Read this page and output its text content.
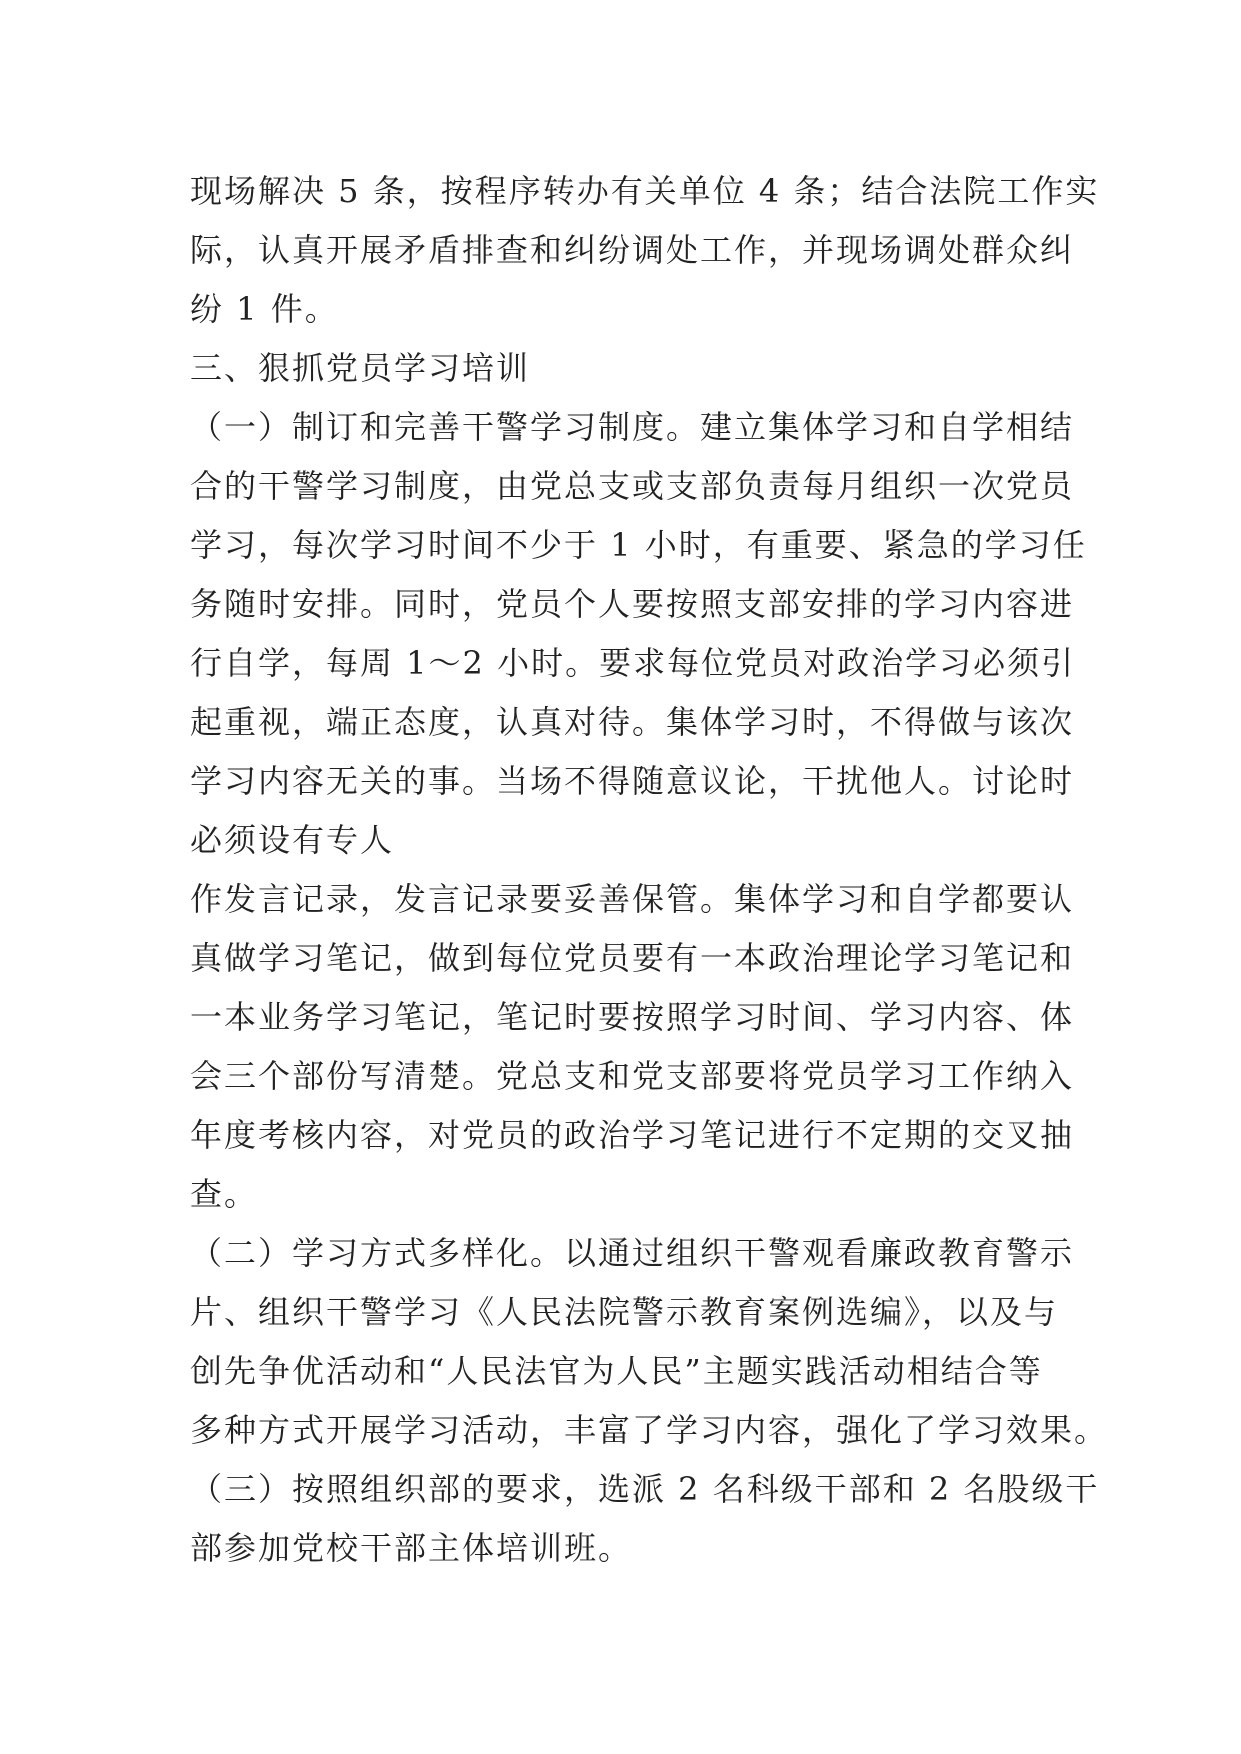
现场解决 5 条，按程序转办有关单位 4 条；结合法院工作实
际，认真开展矛盾排查和纠纷调处工作，并现场调处群众纠
纷 1 件。
三、狠抓党员学习培训
（一）制订和完善干警学习制度。建立集体学习和自学相结
合的干警学习制度，由党总支或支部负责每月组织一次党员
学习，每次学习时间不少于 1 小时，有重要、紧急的学习任
务随时安排。同时，党员个人要按照支部安排的学习内容进
行自学，每周 1～2 小时。要求每位党员对政治学习必须引
起重视，端正态度，认真对待。集体学习时，不得做与该次
学习内容无关的事。当场不得随意议论，干扰他人。讨论时
必须设有专人
作发言记录，发言记录要妥善保管。集体学习和自学都要认
真做学习笔记，做到每位党员要有一本政治理论学习笔记和
一本业务学习笔记，笔记时要按照学习时间、学习内容、体
会三个部份写清楚。党总支和党支部要将党员学习工作纳入
年度考核内容，对党员的政治学习笔记进行不定期的交叉抽
查。
（二）学习方式多样化。以通过组织干警观看廉政教育警示
片、组织干警学习《人民法院警示教育案例选编》，以及与
创先争优活动和“人民法官为人民”主题实践活动相结合等
多种方式开展学习活动，丰富了学习内容，强化了学习效果。
（三）按照组织部的要求，选派 2 名科级干部和 2 名股级干
部参加党校干部主体培训班。
